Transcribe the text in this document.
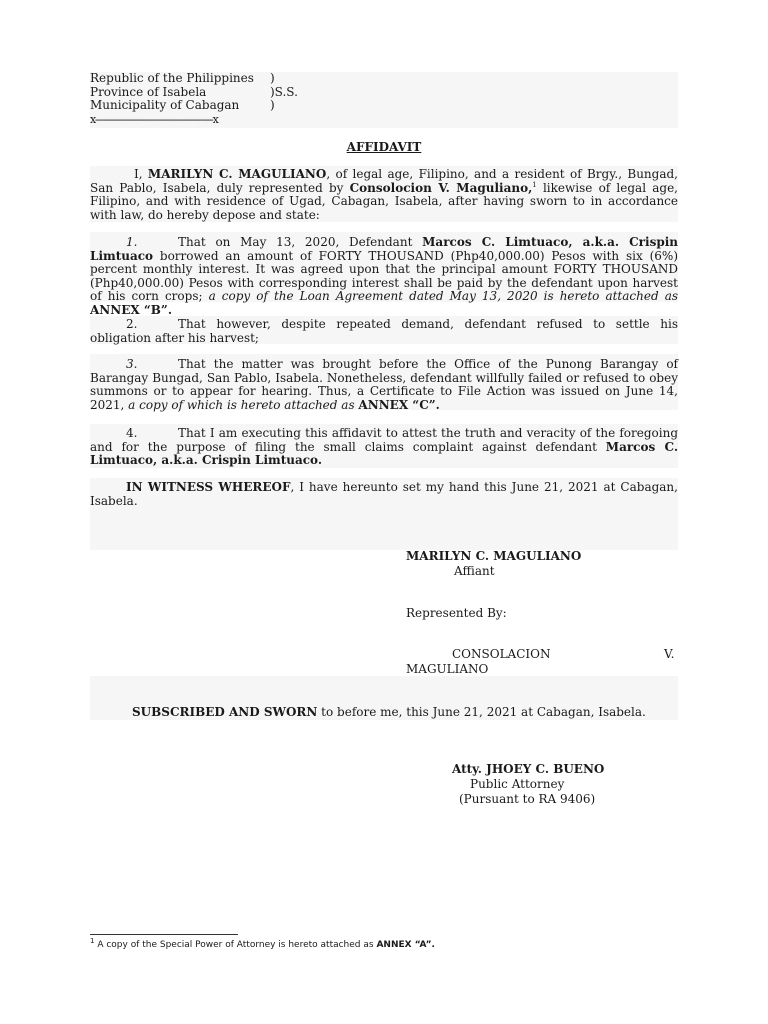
Republic of the Philippines )
Province of Isabela	)S.S.
Municipality of Cabagan	)
x---------------------------------------------x
AFFIDAVIT
I, MARILYN C. MAGULIANO, of legal age, Filipino, and a resident of Brgy., Bungad, San Pablo, Isabela, duly represented by Consolocion V. Maguliano,$^1$ likewise of legal age, Filipino, and with residence of Ugad, Cabagan, Isabela, after having sworn to in accordance with law, do hereby depose and state:
1.	That on May 13, 2020, Defendant Marcos C. Limtuaco, a.k.a. Crispin Limtuaco borrowed an amount of FORTY THOUSAND (Php40,000.00) Pesos with six (6%) percent monthly interest. It was agreed upon that the principal amount FORTY THOUSAND (Php40,000.00) Pesos with corresponding interest shall be paid by the defendant upon harvest of his corn crops; a copy of the Loan Agreement dated May 13, 2020 is hereto attached as ANNEX “B”.
2.	That however, despite repeated demand, defendant refused to settle his obligation after his harvest;
3.	That the matter was brought before the Office of the Punong Barangay of Barangay Bungad, San Pablo, Isabela. Nonetheless, defendant willfully failed or refused to obey summons or to appear for hearing. Thus, a Certificate to File Action was issued on June 14, 2021, a copy of which is hereto attached as ANNEX “C”.
4.	That I am executing this affidavit to attest the truth and veracity of the foregoing and for the purpose of filing the small claims complaint against defendant Marcos C. Limtuaco, a.k.a. Crispin Limtuaco.
IN WITNESS WHEREOF, I have hereunto set my hand this June 21, 2021 at Cabagan, Isabela.
MARILYN C. MAGULIANO
Affiant
Represented By:
CONSOLACION	V.
MAGULIANO
SUBSCRIBED AND SWORN to before me, this June 21, 2021 at Cabagan, Isabela.
Atty. JHOEY C. BUENO
Public Attorney
(Pursuant to RA 9406)
$^1$ A copy of the Special Power of Attorney is hereto attached as ANNEX “A”.
